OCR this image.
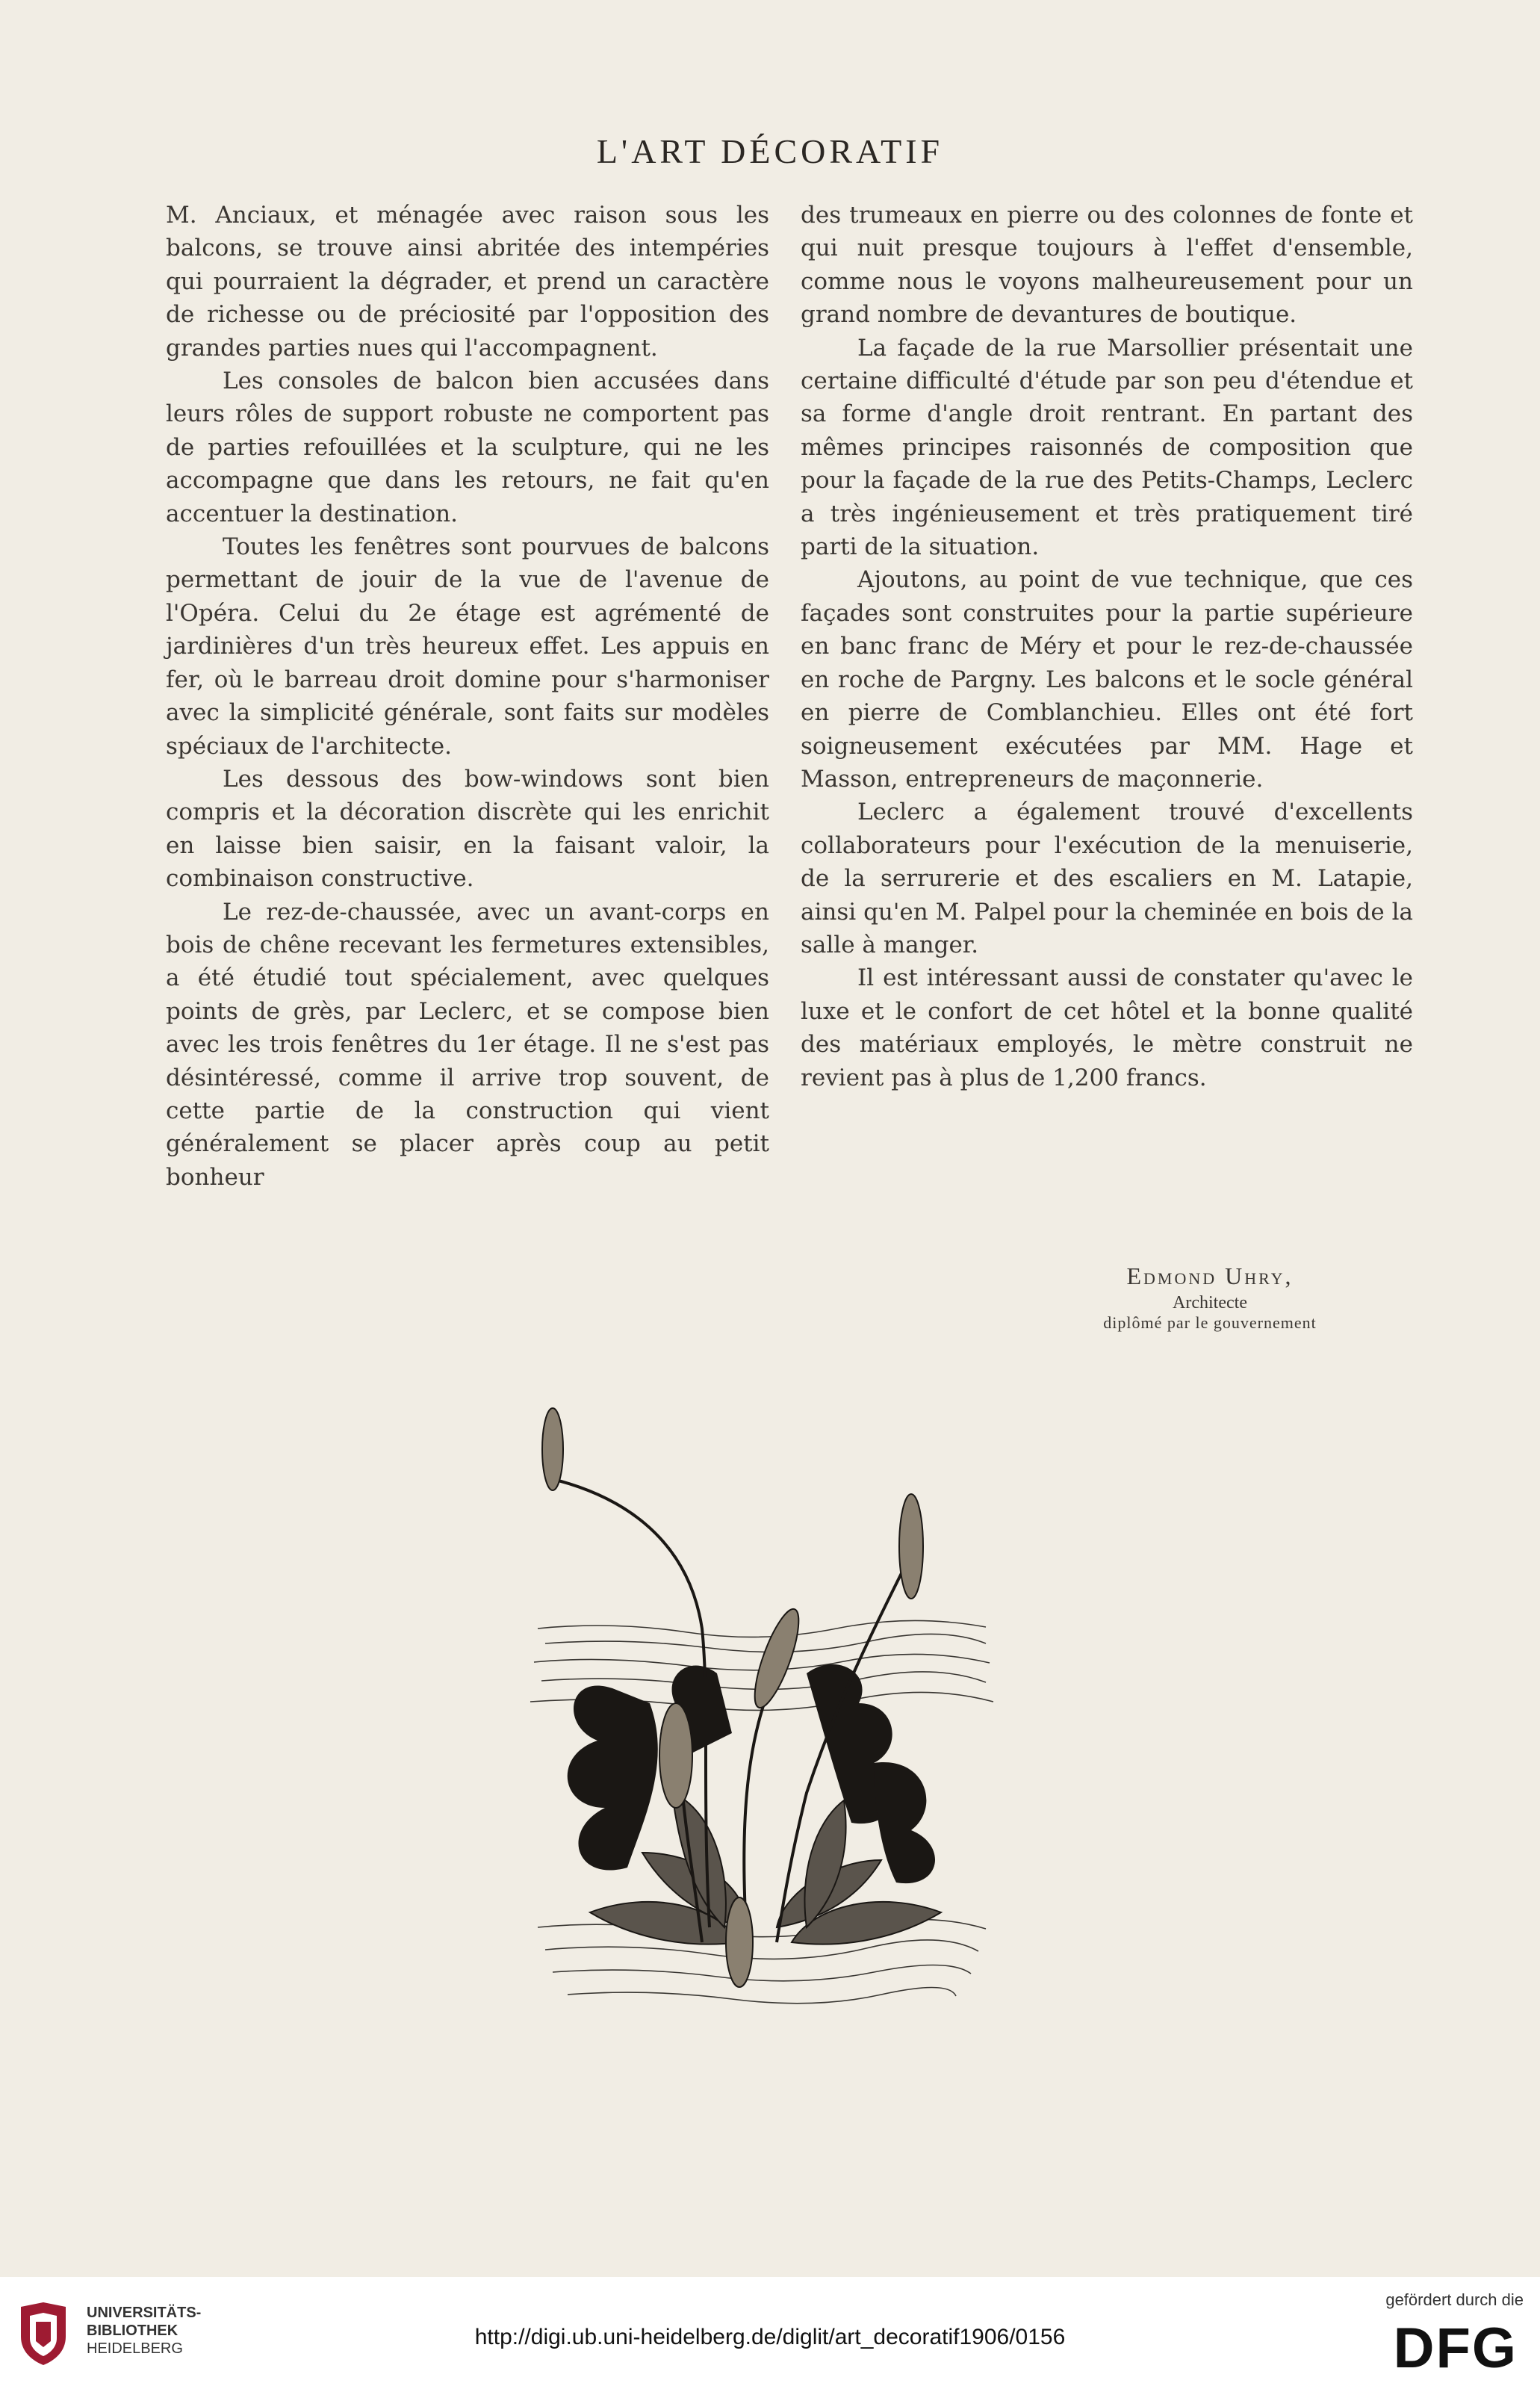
L'ART DÉCORATIF

M. Anciaux, et ménagée avec raison sous les balcons, se trouve ainsi abritée des intempéries qui pourraient la dégrader, et prend un caractère de richesse ou de préciosité par l'opposition des grandes parties nues qui l'accompagnent.

Les consoles de balcon bien accusées dans leurs rôles de support robuste ne comportent pas de parties refouillées et la sculpture, qui ne les accompagne que dans les retours, ne fait qu'en accentuer la destination.

Toutes les fenêtres sont pourvues de balcons permettant de jouir de la vue de l'avenue de l'Opéra. Celui du 2e étage est agrémenté de jardinières d'un très heureux effet. Les appuis en fer, où le barreau droit domine pour s'harmoniser avec la simplicité générale, sont faits sur modèles spéciaux de l'architecte.

Les dessous des bow-windows sont bien compris et la décoration discrète qui les enrichit en laisse bien saisir, en la faisant valoir, la combinaison constructive.

Le rez-de-chaussée, avec un avant-corps en bois de chêne recevant les fermetures extensibles, a été étudié tout spécialement, avec quelques points de grès, par Leclerc, et se compose bien avec les trois fenêtres du 1er étage. Il ne s'est pas désintéressé, comme il arrive trop souvent, de cette partie de la construction qui vient généralement se placer après coup au petit bonheur

des trumeaux en pierre ou des colonnes de fonte et qui nuit presque toujours à l'effet d'ensemble, comme nous le voyons malheureusement pour un grand nombre de devantures de boutique.

La façade de la rue Marsollier présentait une certaine difficulté d'étude par son peu d'étendue et sa forme d'angle droit rentrant. En partant des mêmes principes raisonnés de composition que pour la façade de la rue des Petits-Champs, Leclerc a très ingénieusement et très pratiquement tiré parti de la situation.

Ajoutons, au point de vue technique, que ces façades sont construites pour la partie supérieure en banc franc de Méry et pour le rez-de-chaussée en roche de Pargny. Les balcons et le socle général en pierre de Comblanchieu. Elles ont été fort soigneusement exécutées par MM. Hage et Masson, entrepreneurs de maçonnerie.

Leclerc a également trouvé d'excellents collaborateurs pour l'exécution de la menuiserie, de la serrurerie et des escaliers en M. Latapie, ainsi qu'en M. Palpel pour la cheminée en bois de la salle à manger.

Il est intéressant aussi de constater qu'avec le luxe et le confort de cet hôtel et la bonne qualité des matériaux employés, le mètre construit ne revient pas à plus de 1,200 francs.

Edmond Uhry,
Architecte
diplômé par le gouvernement
UNIVERSITÄTS-
BIBLIOTHEK
HEIDELBERG	http://digi.ub.uni-heidelberg.de/diglit/art_decoratif1906/0156
gefördert durch die
DFG
